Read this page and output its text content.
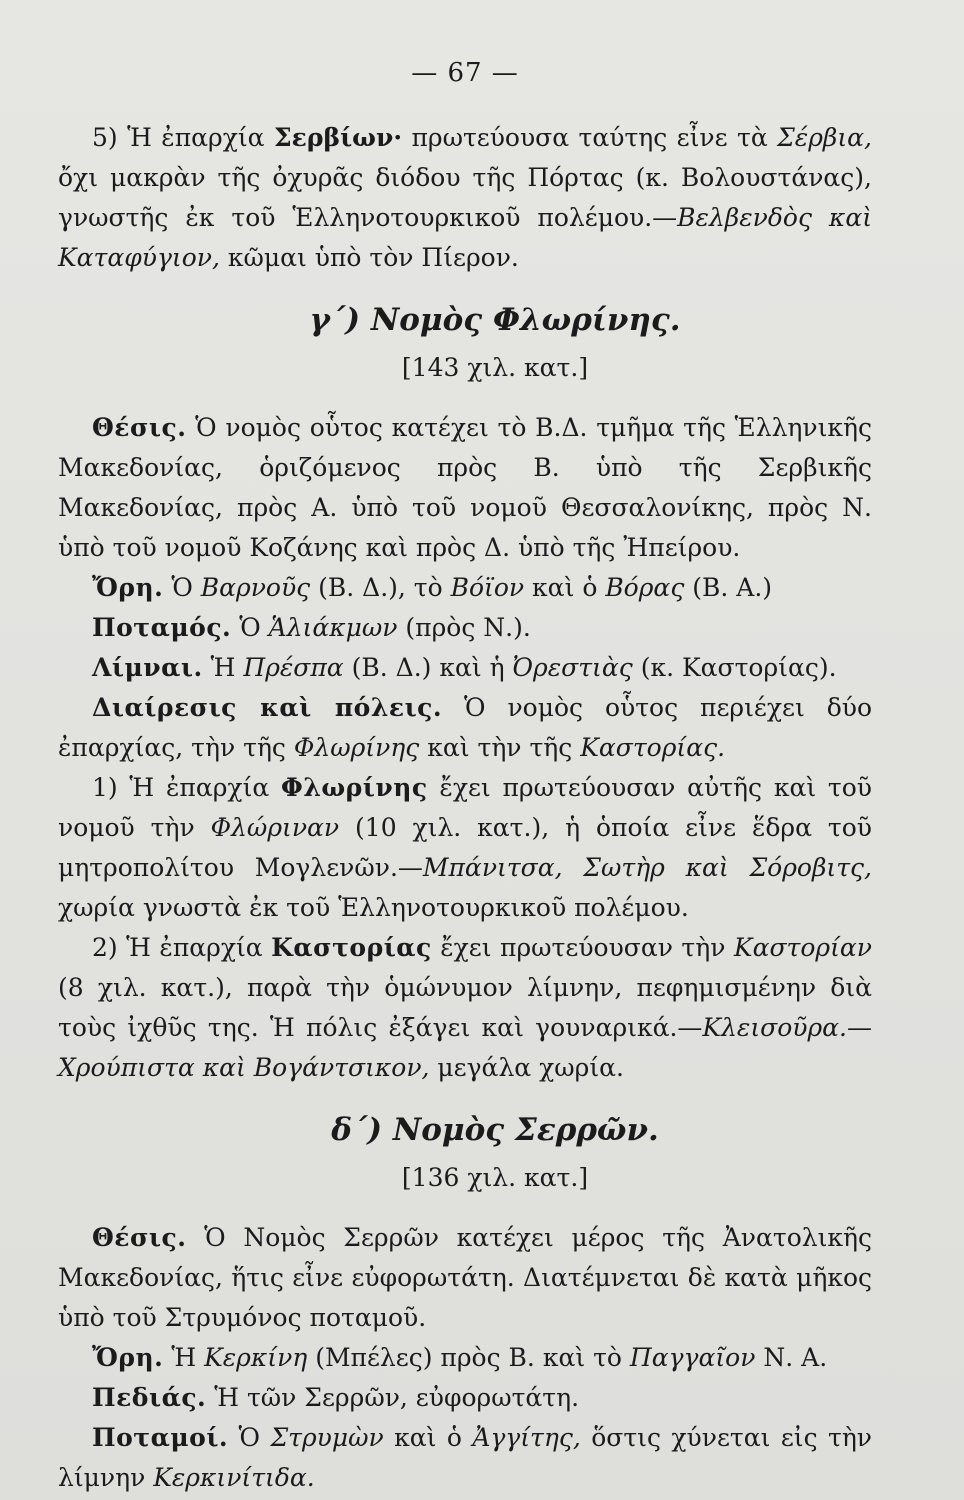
— 67 —

5) Ἡ ἐπαρχία Σερβίων· πρωτεύουσα ταύτης εἶνε τὰ Σέρβια, ὄχι μακρὰν τῆς ὀχυρᾶς διόδου τῆς Πόρτας (κ. Βολουστάνας), γνωστῆς ἐκ τοῦ Ἑλληνοτουρκικοῦ πολέμου.—Βελβενδὸς καὶ Καταφύγιον, κῶμαι ὑπὸ τὸν Πίερον.

γ΄) Νομὸς Φλωρίνης.
[143 χιλ. κατ.]

Θέσις. Ὁ νομὸς οὗτος κατέχει τὸ Β.Δ. τμῆμα τῆς Ἑλληνικῆς Μακεδονίας, ὁριζόμενος πρὸς Β. ὑπὸ τῆς Σερβικῆς Μακεδονίας, πρὸς Α. ὑπὸ τοῦ νομοῦ Θεσσαλονίκης, πρὸς Ν. ὑπὸ τοῦ νομοῦ Κοζάνης καὶ πρὸς Δ. ὑπὸ τῆς Ἠπείρου.

Ὄρη. Ὁ Βαρνοῦς (Β. Δ.), τὸ Βόϊον καὶ ὁ Βόρας (Β. Α.)

Ποταμός. Ὁ Ἁλιάκμων (πρὸς Ν.).

Λίμναι. Ἡ Πρέσπα (Β. Δ.) καὶ ἡ Ὀρεστιὰς (κ. Καστορίας).

Διαίρεσις καὶ πόλεις. Ὁ νομὸς οὗτος περιέχει δύο ἐπαρχίας, τὴν τῆς Φλωρίνης καὶ τὴν τῆς Καστορίας.

1) Ἡ ἐπαρχία Φλωρίνης ἔχει πρωτεύουσαν αὐτῆς καὶ τοῦ νομοῦ τὴν Φλώριναν (10 χιλ. κατ.), ἡ ὁποία εἶνε ἕδρα τοῦ μητροπολίτου Μογλενῶν.—Μπάνιτσα, Σωτὴρ καὶ Σόροβιτς, χωρία γνωστὰ ἐκ τοῦ Ἑλληνοτουρκικοῦ πολέμου.

2) Ἡ ἐπαρχία Καστορίας ἔχει πρωτεύουσαν τὴν Καστορίαν (8 χιλ. κατ.), παρὰ τὴν ὁμώνυμον λίμνην, πεφημισμένην διὰ τοὺς ἰχθῦς της. Ἡ πόλις ἐξάγει καὶ γουναρικά.—Κλεισοῦρα.— Χρούπιστα καὶ Βογάντσικον, μεγάλα χωρία.

δ΄) Νομὸς Σερρῶν.
[136 χιλ. κατ.]

Θέσις. Ὁ Νομὸς Σερρῶν κατέχει μέρος τῆς Ἀνατολικῆς Μακεδονίας, ἥτις εἶνε εὐφορωτάτη. Διατέμνεται δὲ κατὰ μῆκος ὑπὸ τοῦ Στρυμόνος ποταμοῦ.

Ὄρη. Ἡ Κερκίνη (Μπέλες) πρὸς Β. καὶ τὸ Παγγαῖον Ν. Α.

Πεδιάς. Ἡ τῶν Σερρῶν, εὐφορωτάτη.

Ποταμοί. Ὁ Στρυμὼν καὶ ὁ Ἀγγίτης, ὅστις χύνεται εἰς τὴν λίμνην Κερκινίτιδα.
